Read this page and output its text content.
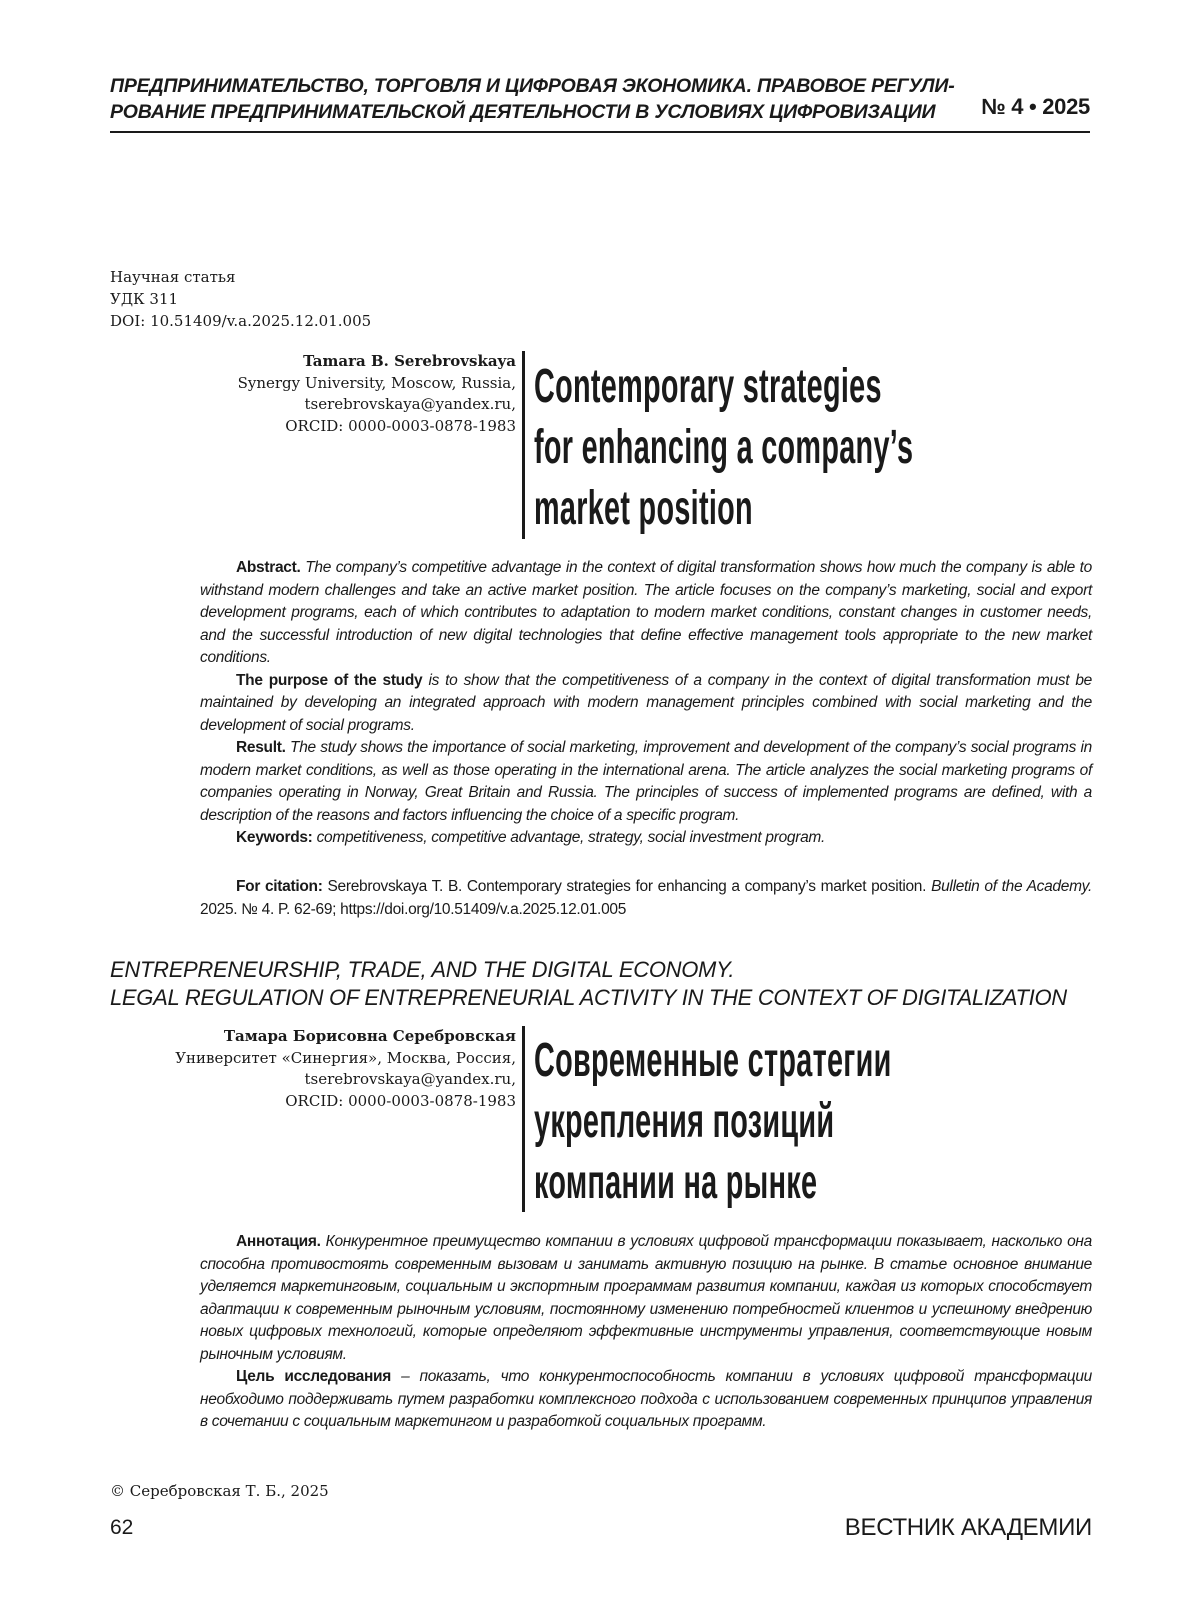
ПРЕДПРИНИМАТЕЛЬСТВО, ТОРГОВЛЯ И ЦИФРОВАЯ ЭКОНОМИКА. ПРАВОВОЕ РЕГУЛИ-
РОВАНИЕ ПРЕДПРИНИМАТЕЛЬСКОЙ ДЕЯТЕЛЬНОСТИ В УСЛОВИЯХ ЦИФРОВИЗАЦИИ	№ 4 • 2025
Научная статья
УДК 311
DOI: 10.51409/v.a.2025.12.01.005
Tamara B. Serebrovskaya
Synergy University, Moscow, Russia,
tserebrovskaya@yandex.ru,
ORCID: 0000-0003-0878-1983
Contemporary strategies
for enhancing a company’s
market position

Abstract. The company’s competitive advantage in the context of digital transformation shows how much the company is able to withstand modern challenges and take an active market position. The article focuses on the company’s marketing, social and export development programs, each of which contributes to adaptation to modern market conditions, constant changes in customer needs, and the successful introduction of new digital technologies that define effective management tools appropriate to the new market conditions.

The purpose of the study is to show that the competitiveness of a company in the context of digital transformation must be maintained by developing an integrated approach with modern management principles combined with social marketing and the development of social programs.

Result. The study shows the importance of social marketing, improvement and development of the company’s social programs in modern market conditions, as well as those operating in the international arena. The article analyzes the social marketing programs of companies operating in Norway, Great Britain and Russia. The principles of success of implemented programs are defined, with a description of the reasons and factors influencing the choice of a specific program.

Keywords: competitiveness, competitive advantage, strategy, social investment program.

For citation: Serebrovskaya T. B. Contemporary strategies for enhancing a company’s market position. Bulletin of the Academy. 2025. № 4. P. 62-69; https://doi.org/10.51409/v.a.2025.12.01.005

ENTREPRENEURSHIP, TRADE, AND THE DIGITAL ECONOMY.
LEGAL REGULATION OF ENTREPRENEURIAL ACTIVITY IN THE CONTEXT OF DIGITALIZATION
Тамара Борисовна Серебровская
Университет «Синергия», Москва, Россия,
tserebrovskaya@yandex.ru,
ORCID: 0000-0003-0878-1983
Современные стратегии
укрепления позиций
компании на рынке

Аннотация. Конкурентное преимущество компании в условиях цифровой трансформации показывает, насколько она способна противостоять современным вызовам и занимать активную позицию на рынке. В статье основное внимание уделяется маркетинговым, социальным и экспортным программам развития компании, каждая из которых способствует адаптации к современным рыночным условиям, постоянному изменению потребностей клиентов и успешному внедрению новых цифровых технологий, которые определяют эффективные инструменты управления, соответствующие новым рыночным условиям.

Цель исследования – показать, что конкурентоспособность компании в условиях цифровой трансформации необходимо поддерживать путем разработки комплексного подхода с использованием современных принципов управления в сочетании с социальным маркетингом и разработкой социальных программ.

© Серебровская Т. Б., 2025
62	ВЕСТНИК АКАДЕМИИ
